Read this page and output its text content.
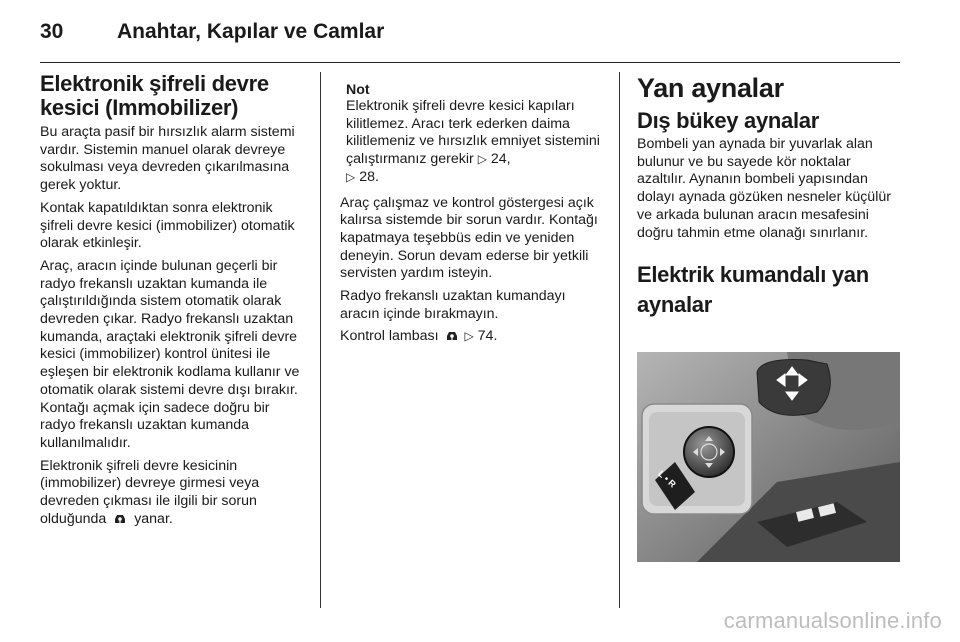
30	Anahtar, Kapılar ve Camlar
Elektronik şifreli devre kesici (Immobilizer)

Bu araçta pasif bir hırsızlık alarm sistemi vardır. Sistemin manuel olarak devreye sokulması veya devreden çıkarılmasına gerek yoktur.

Kontak kapatıldıktan sonra elektronik şifreli devre kesici (immobilizer) otomatik olarak etkinleşir.

Araç, aracın içinde bulunan geçerli bir radyo frekanslı uzaktan kumanda ile çalıştırıldığında sistem otomatik olarak devreden çıkar. Radyo frekanslı uzaktan kumanda, araçtaki elektronik şifreli devre kesici (immobilizer) kontrol ünitesi ile eşleşen bir elektronik kodlama kullanır ve otomatik olarak sistemi devre dışı bırakır. Kontağı açmak için sadece doğru bir radyo frekanslı uzaktan kumanda kullanılmalıdır.

Elektronik şifreli devre kesicinin (immobilizer) devreye girmesi veya devreden çıkması ile ilgili bir sorun olduğunda yanar.

Not
Elektronik şifreli devre kesici kapıları kilitlemez. Aracı terk ederken daima kilitlemeniz ve hırsızlık emniyet sistemini çalıştırmanız gerekir ▷ 24,
▷ 28.

Araç çalışmaz ve kontrol göstergesi açık kalırsa sistemde bir sorun vardır. Kontağı kapatmaya teşebbüs edin ve yeniden deneyin. Sorun devam ederse bir yetkili servisten yardım isteyin.

Radyo frekanslı uzaktan kumandayı aracın içinde bırakmayın.

Kontrol lambası ▷ 74.

Yan aynalar
Dış bükey aynalar

Bombeli yan aynada bir yuvarlak alan bulunur ve bu sayede kör noktalar azaltılır. Aynanın bombeli yapısından dolayı aynada gözüken nesneler küçülür ve arkada bulunan aracın mesafesini doğru tahmin etme olanağı sınırlanır.

Elektrik kumandalı yan aynalar
L • R
carmanualsonline.info
